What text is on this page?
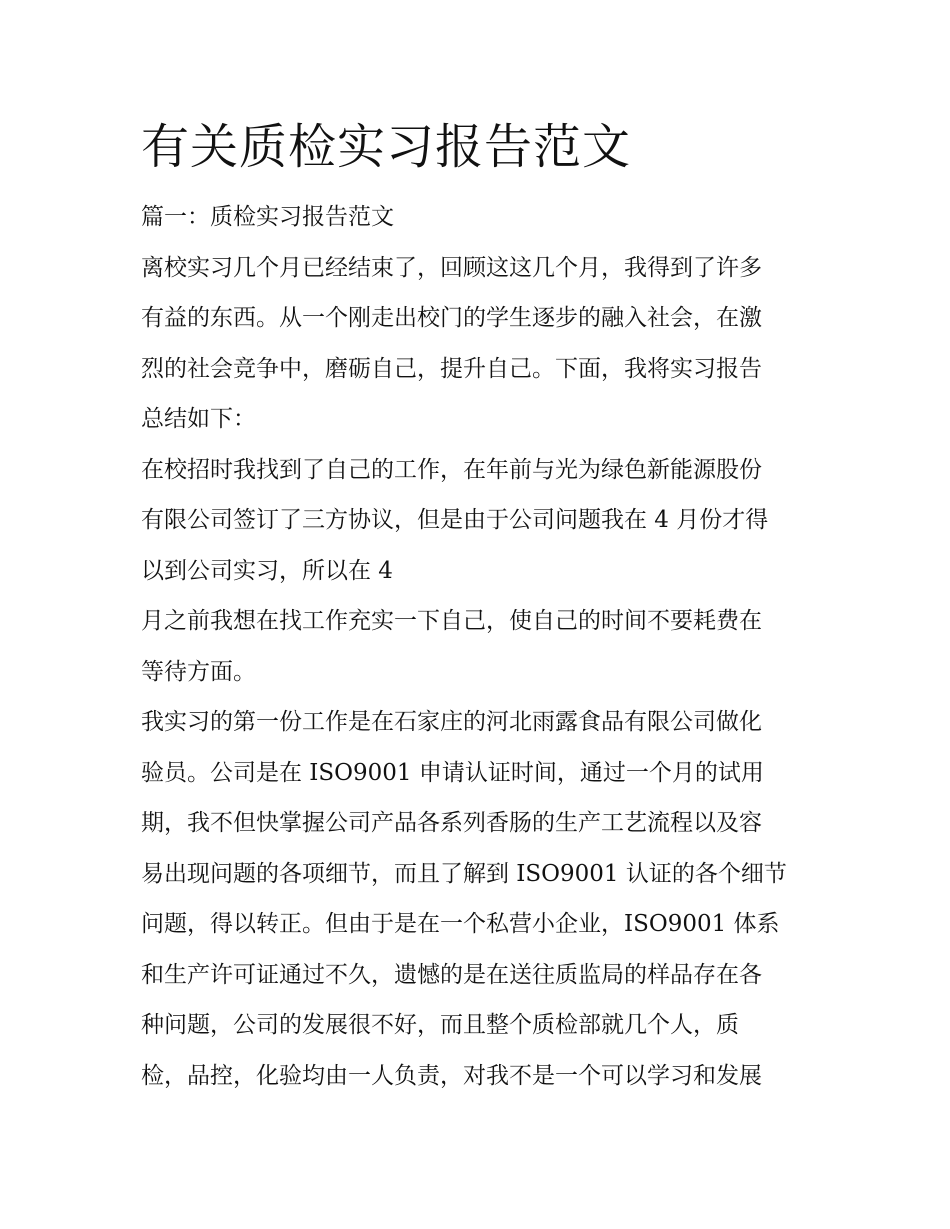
有关质检实习报告范文

篇一：质检实习报告范文

离校实习几个月已经结束了，回顾这这几个月，我得到了许多

有益的东西。从一个刚走出校门的学生逐步的融入社会，在激

烈的社会竞争中，磨砺自己，提升自己。下面，我将实习报告

总结如下：

在校招时我找到了自己的工作，在年前与光为绿色新能源股份

有限公司签订了三方协议，但是由于公司问题我在 4 月份才得

以到公司实习，所以在 4

月之前我想在找工作充实一下自己，使自己的时间不要耗费在

等待方面。

我实习的第一份工作是在石家庄的河北雨露食品有限公司做化

验员。公司是在 ISO9001 申请认证时间，通过一个月的试用

期，我不但快掌握公司产品各系列香肠的生产工艺流程以及容

易出现问题的各项细节，而且了解到 ISO9001 认证的各个细节

问题，得以转正。但由于是在一个私营小企业，ISO9001 体系

和生产许可证通过不久，遗憾的是在送往质监局的样品存在各

种问题，公司的发展很不好，而且整个质检部就几个人，质

检，品控，化验均由一人负责，对我不是一个可以学习和发展
